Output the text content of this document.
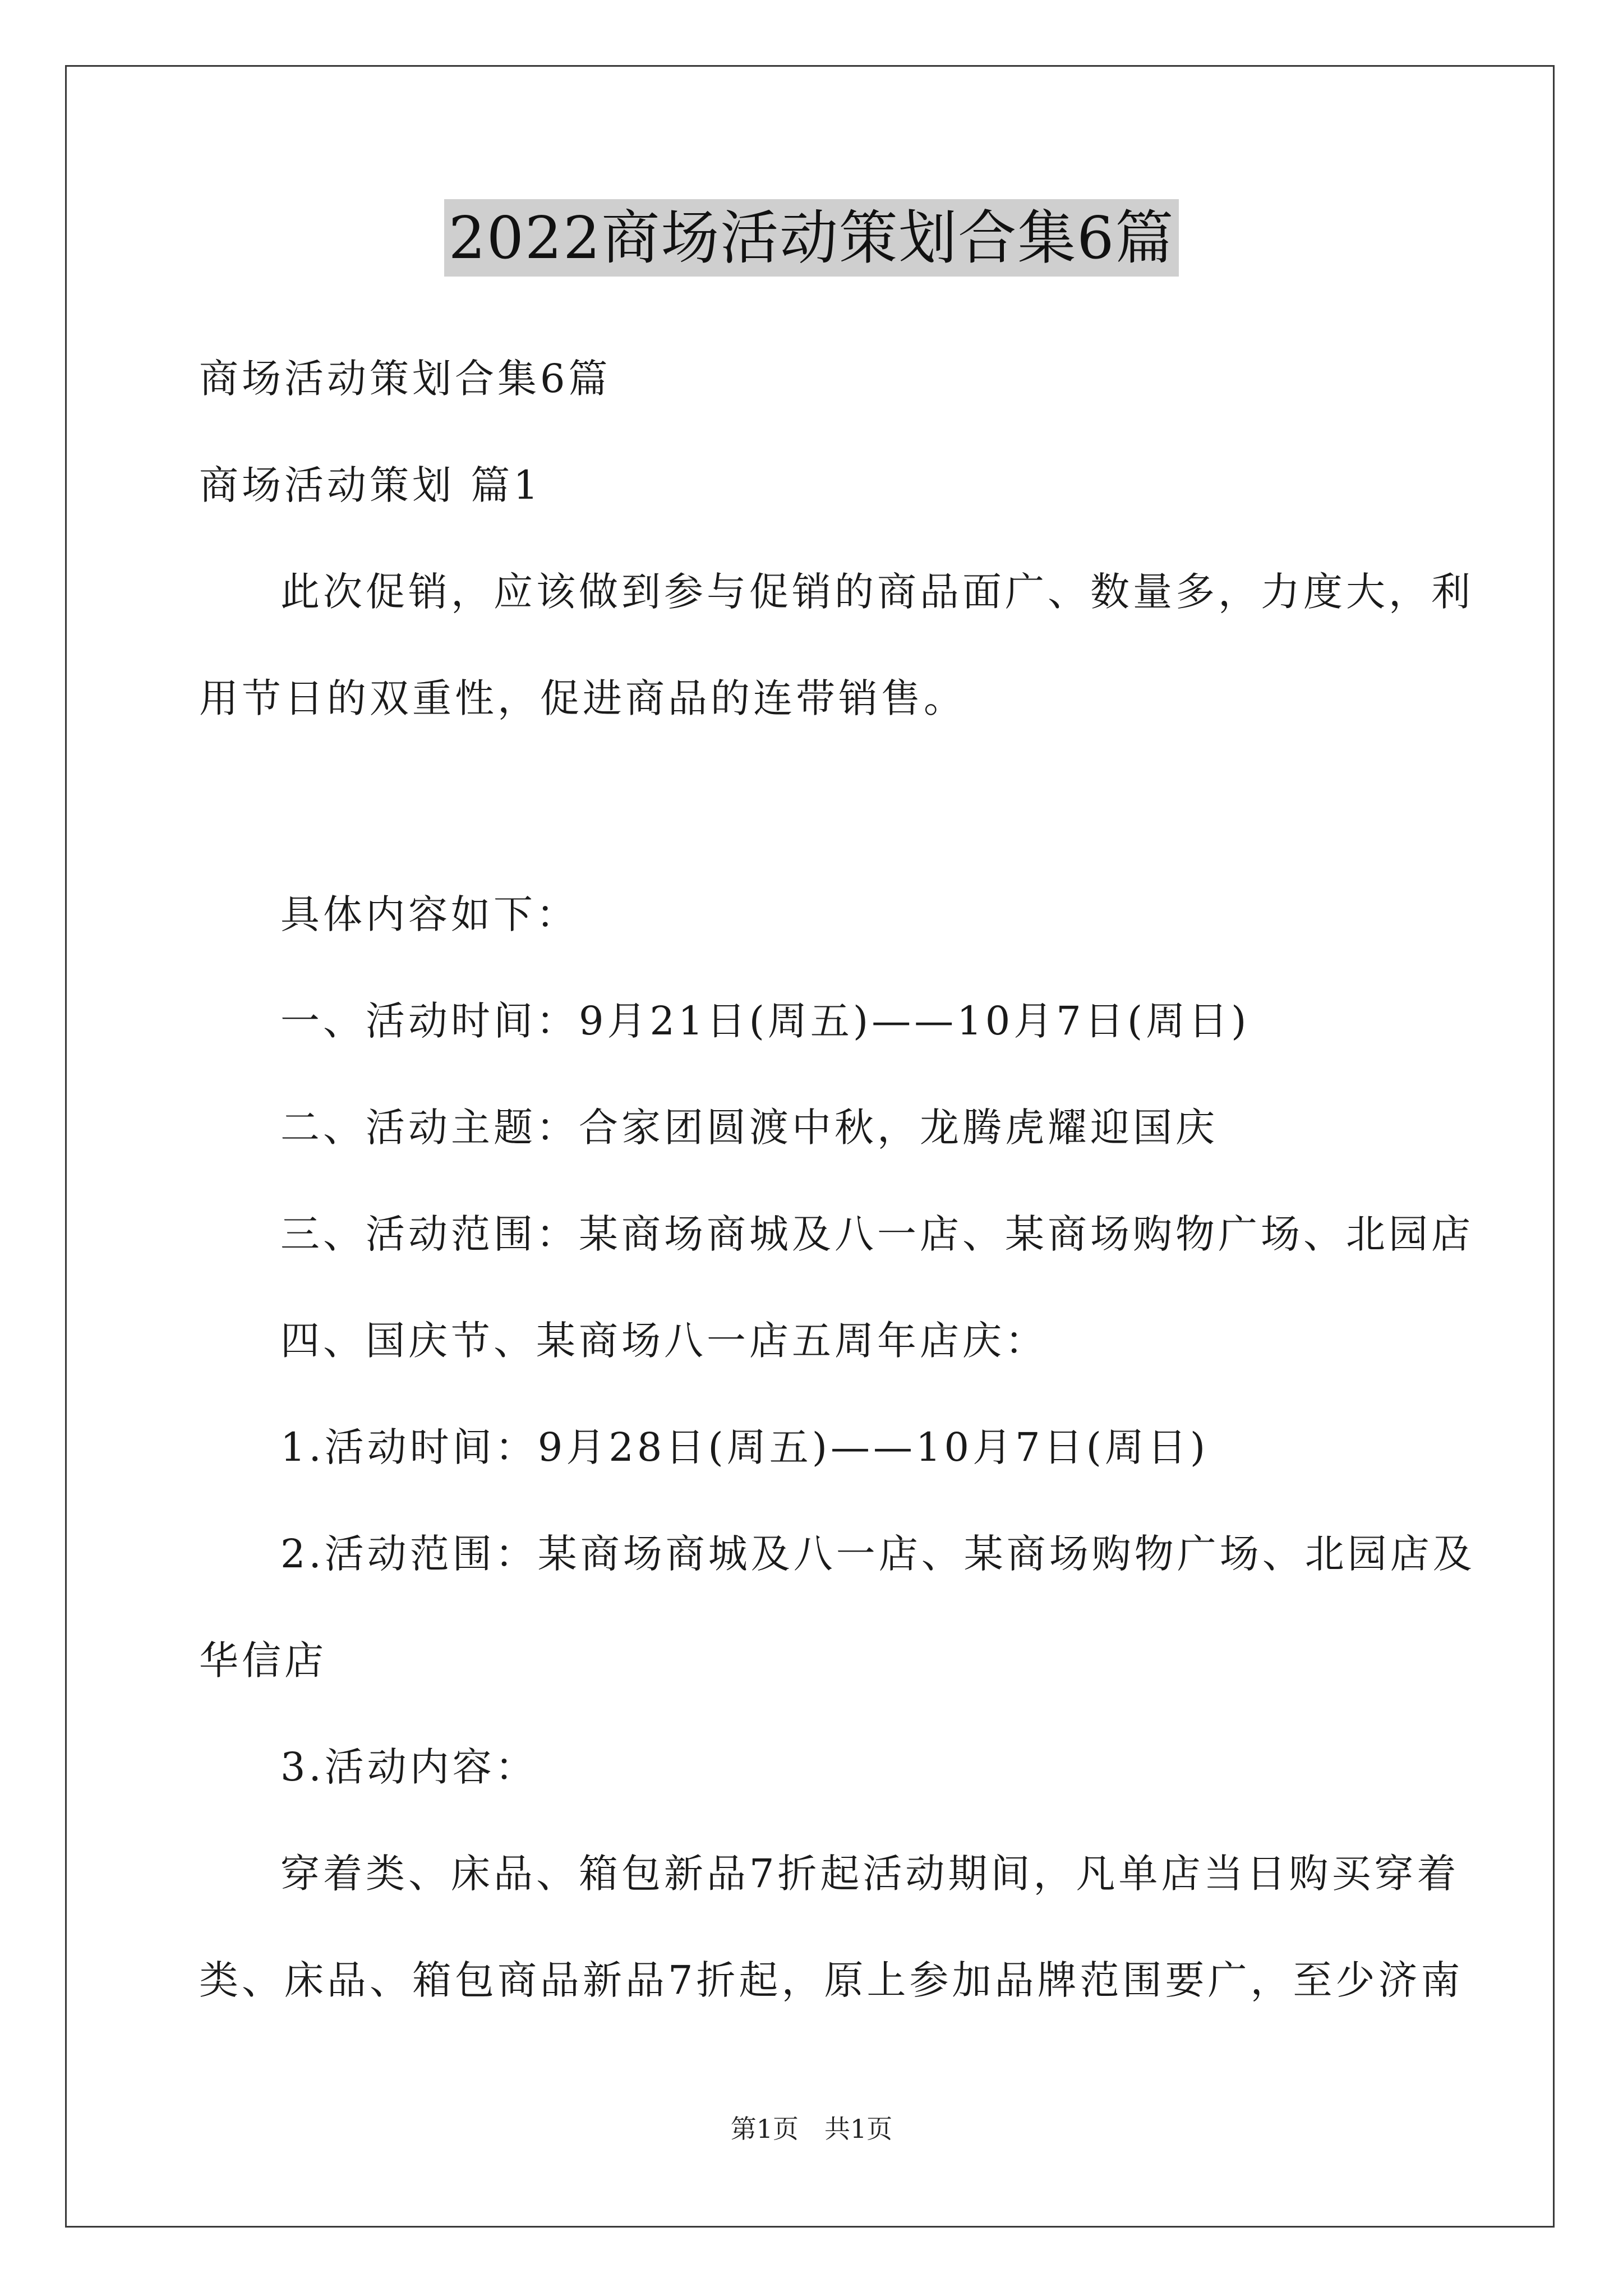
2022商场活动策划合集6篇
商场活动策划合集6篇
商场活动策划 篇1
此次促销，应该做到参与促销的商品面广、数量多，力度大，利
用节日的双重性，促进商品的连带销售。
具体内容如下：
一、活动时间：9月21日(周五)——10月7日(周日)
二、活动主题：合家团圆渡中秋，龙腾虎耀迎国庆
三、活动范围：某商场商城及八一店、某商场购物广场、北园店
四、国庆节、某商场八一店五周年店庆：
1.活动时间：9月28日(周五)——10月7日(周日)
2.活动范围：某商场商城及八一店、某商场购物广场、北园店及
华信店
3.活动内容：
穿着类、床品、箱包新品7折起活动期间，凡单店当日购买穿着
类、床品、箱包商品新品7折起，原上参加品牌范围要广，至少济南
第1页　共1页
